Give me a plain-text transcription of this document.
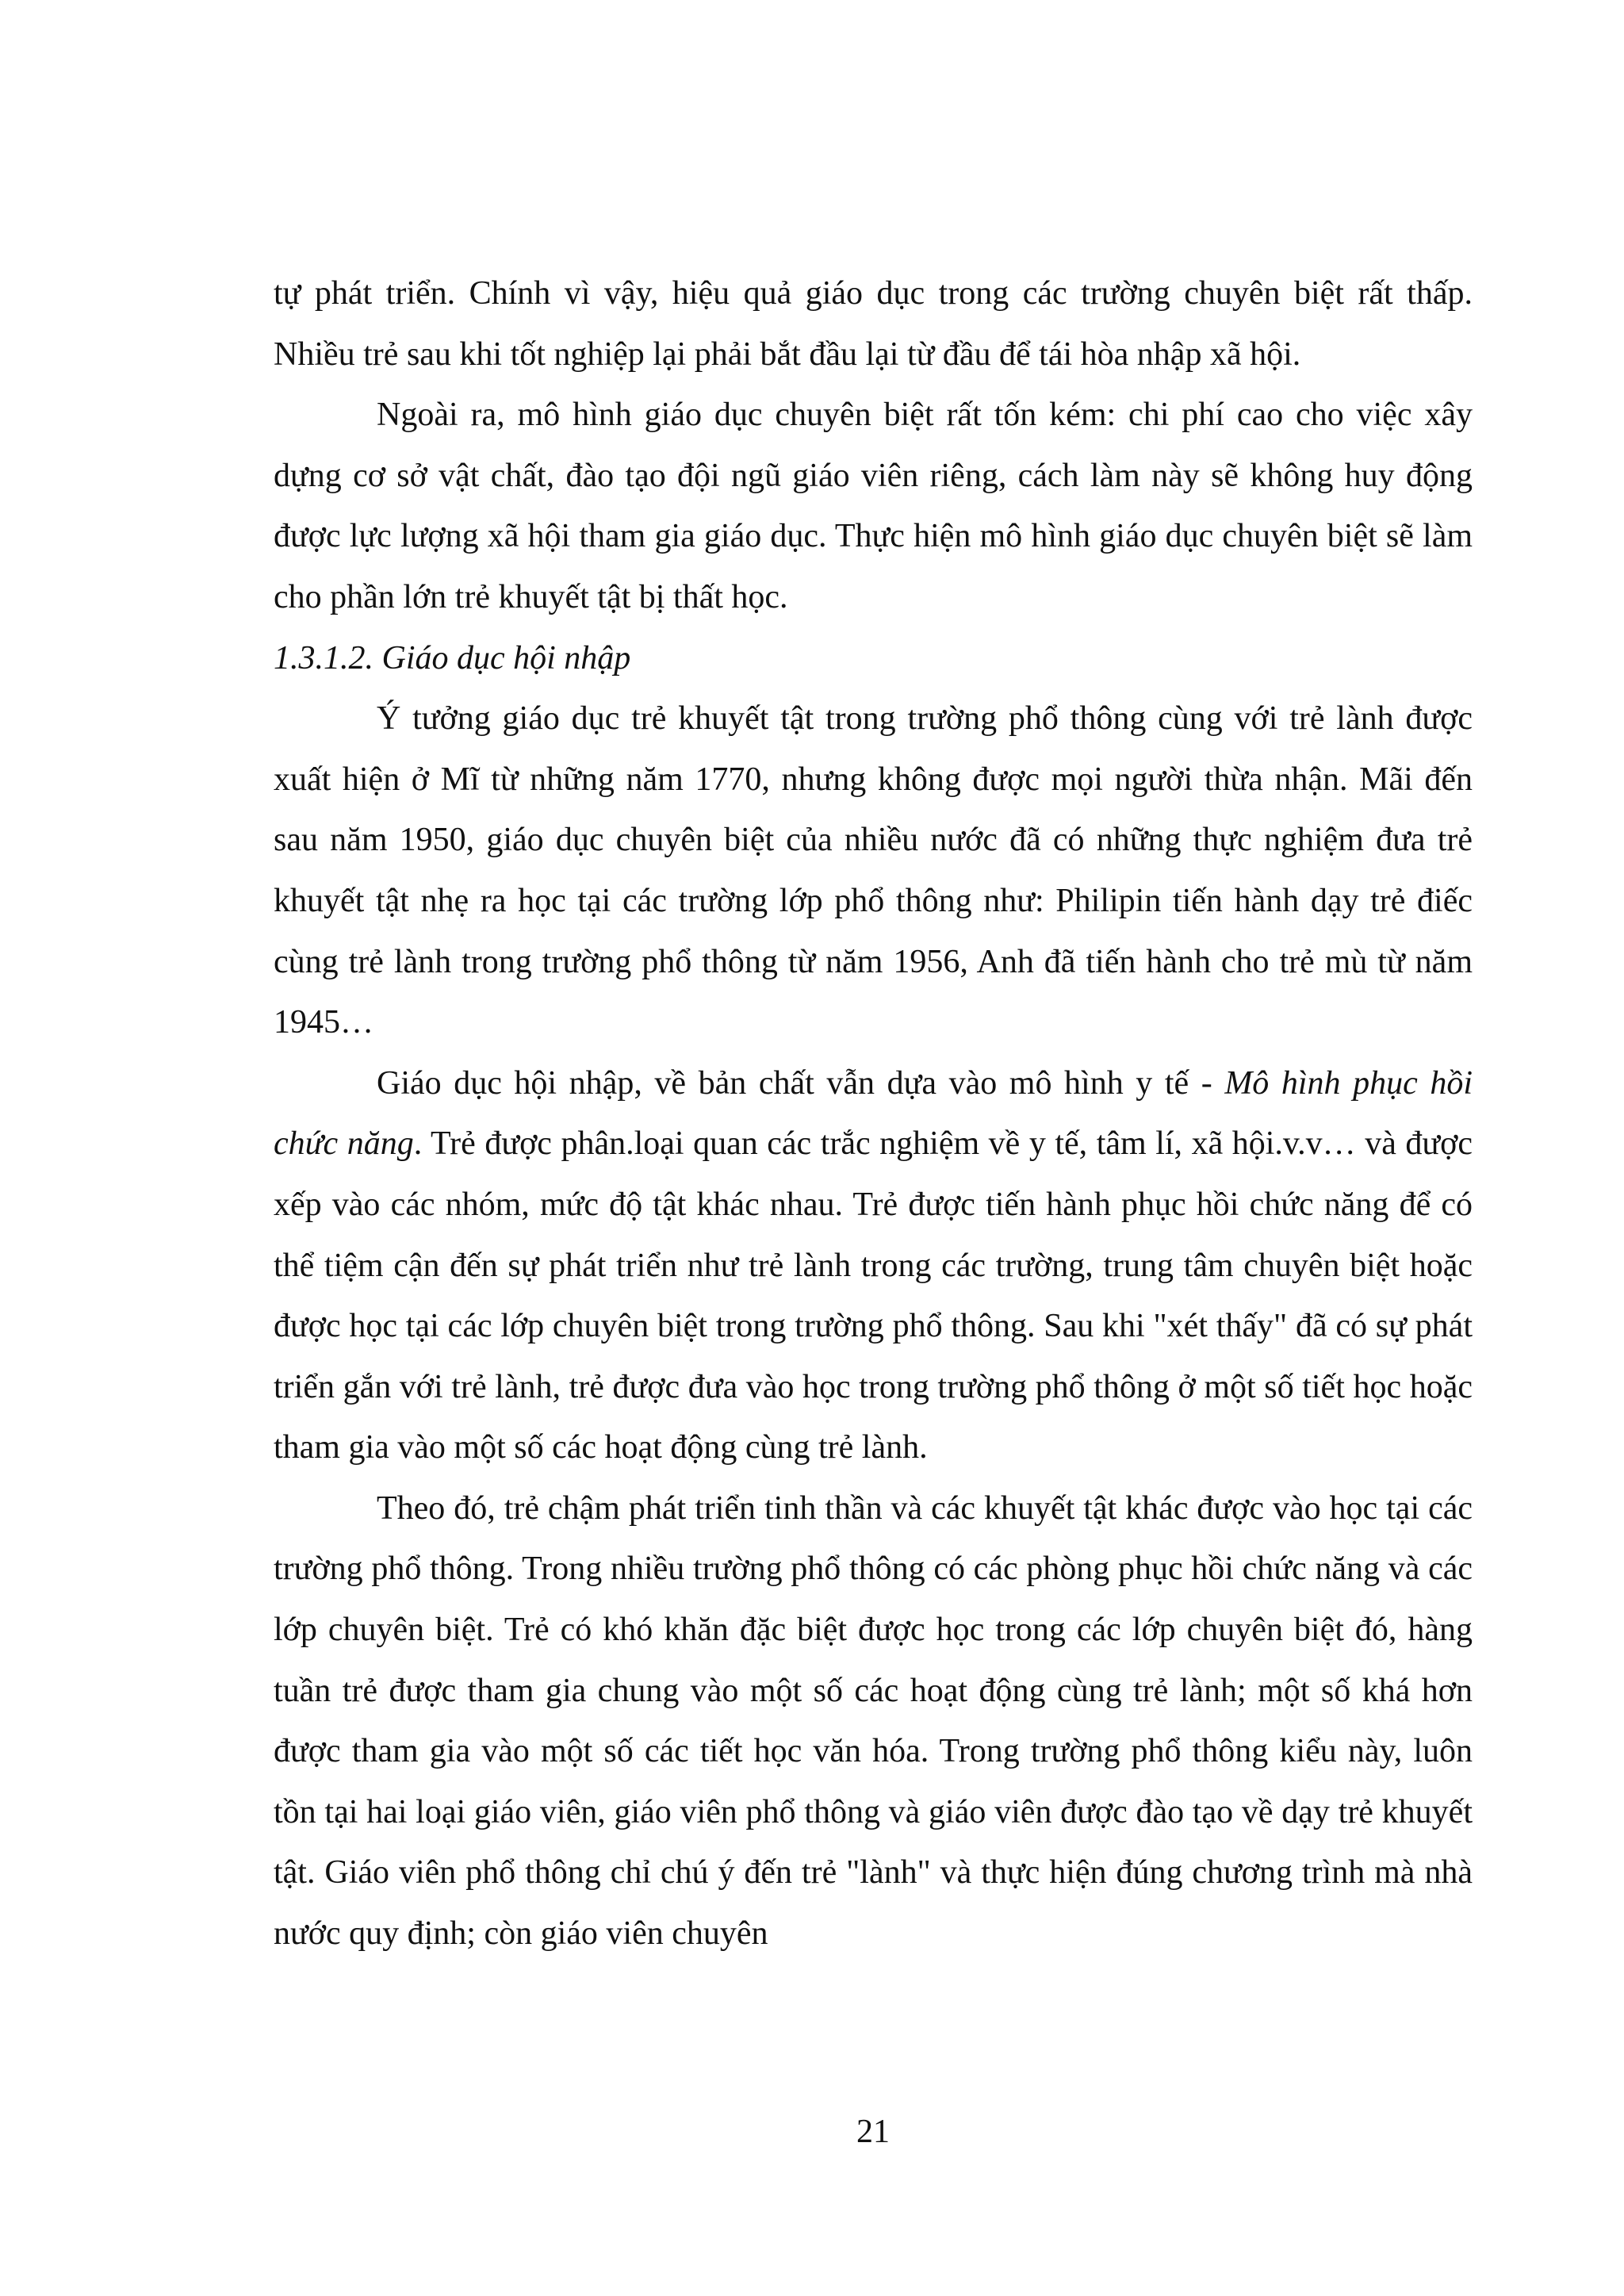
tự phát triển. Chính vì vậy, hiệu quả giáo dục trong các trường chuyên biệt rất thấp. Nhiều trẻ sau khi tốt nghiệp lại phải bắt đầu lại từ đầu để tái hòa nhập xã hội.

Ngoài ra, mô hình giáo dục chuyên biệt rất tốn kém: chi phí cao cho việc xây dựng cơ sở vật chất, đào tạo đội ngũ giáo viên riêng, cách làm này sẽ không huy động được lực lượng xã hội tham gia giáo dục. Thực hiện mô hình giáo dục chuyên biệt sẽ làm cho phần lớn trẻ khuyết tật bị thất học.

1.3.1.2. Giáo dục hội nhập

Ý tưởng giáo dục trẻ khuyết tật trong trường phổ thông cùng với trẻ lành được xuất hiện ở Mĩ từ những năm 1770, nhưng không được mọi người thừa nhận. Mãi đến sau năm 1950, giáo dục chuyên biệt của nhiều nước đã có những thực nghiệm đưa trẻ khuyết tật nhẹ ra học tại các trường lớp phổ thông như: Philipin tiến hành dạy trẻ điếc cùng trẻ lành trong trường phổ thông từ năm 1956, Anh đã tiến hành cho trẻ mù từ năm 1945…

Giáo dục hội nhập, về bản chất vẫn dựa vào mô hình y tế - Mô hình phục hồi chức năng. Trẻ được phân.loại quan các trắc nghiệm về y tế, tâm lí, xã hội.v.v… và được xếp vào các nhóm, mức độ tật khác nhau. Trẻ được tiến hành phục hồi chức năng để có thể tiệm cận đến sự phát triển như trẻ lành trong các trường, trung tâm chuyên biệt hoặc được học tại các lớp chuyên biệt trong trường phổ thông. Sau khi "xét thấy" đã có sự phát triển gắn với trẻ lành, trẻ được đưa vào học trong trường phổ thông ở một số tiết học hoặc tham gia vào một số các hoạt động cùng trẻ lành.

Theo đó, trẻ chậm phát triển tinh thần và các khuyết tật khác được vào học tại các trường phổ thông. Trong nhiều trường phổ thông có các phòng phục hồi chức năng và các lớp chuyên biệt. Trẻ có khó khăn đặc biệt được học trong các lớp chuyên biệt đó, hàng tuần trẻ được tham gia chung vào một số các hoạt động cùng trẻ lành; một số khá hơn được tham gia vào một số các tiết học văn hóa. Trong trường phổ thông kiểu này, luôn tồn tại hai loại giáo viên, giáo viên phổ thông và giáo viên được đào tạo về dạy trẻ khuyết tật. Giáo viên phổ thông chỉ chú ý đến trẻ "lành" và thực hiện đúng chương trình mà nhà nước quy định; còn giáo viên chuyên

21
